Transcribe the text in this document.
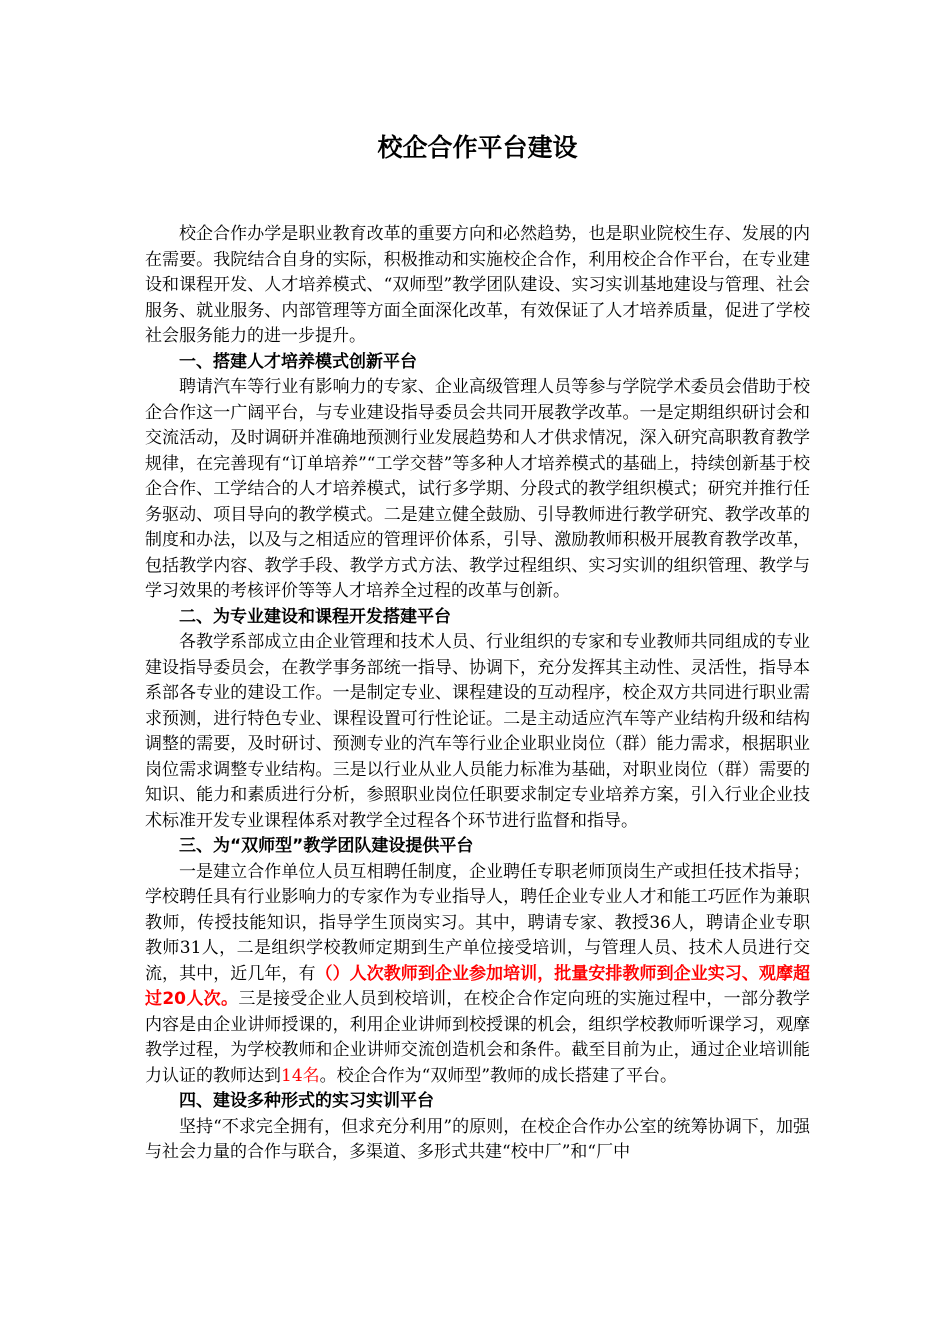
校企合作平台建设

校企合作办学是职业教育改革的重要方向和必然趋势，也是职业院校生存、发展的内在需要。我院结合自身的实际，积极推动和实施校企合作，利用校企合作平台，在专业建设和课程开发、人才培养模式、“双师型”教学团队建设、实习实训基地建设与管理、社会服务、就业服务、内部管理等方面全面深化改革，有效保证了人才培养质量，促进了学校社会服务能力的进一步提升。

一、搭建人才培养模式创新平台

聘请汽车等行业有影响力的专家、企业高级管理人员等参与学院学术委员会借助于校企合作这一广阔平台，与专业建设指导委员会共同开展教学改革。一是定期组织研讨会和交流活动，及时调研并准确地预测行业发展趋势和人才供求情况，深入研究高职教育教学规律，在完善现有“订单培养”“工学交替”等多种人才培养模式的基础上，持续创新基于校企合作、工学结合的人才培养模式，试行多学期、分段式的教学组织模式；研究并推行任务驱动、项目导向的教学模式。二是建立健全鼓励、引导教师进行教学研究、教学改革的制度和办法，以及与之相适应的管理评价体系，引导、激励教师积极开展教育教学改革，包括教学内容、教学手段、教学方式方法、教学过程组织、实习实训的组织管理、教学与学习效果的考核评价等等人才培养全过程的改革与创新。

二、为专业建设和课程开发搭建平台

各教学系部成立由企业管理和技术人员、行业组织的专家和专业教师共同组成的专业建设指导委员会，在教学事务部统一指导、协调下，充分发挥其主动性、灵活性，指导本系部各专业的建设工作。一是制定专业、课程建设的互动程序，校企双方共同进行职业需求预测，进行特色专业、课程设置可行性论证。二是主动适应汽车等产业结构升级和结构调整的需要，及时研讨、预测专业的汽车等行业企业职业岗位（群）能力需求，根据职业岗位需求调整专业结构。三是以行业从业人员能力标准为基础，对职业岗位（群）需要的知识、能力和素质进行分析，参照职业岗位任职要求制定专业培养方案，引入行业企业技术标准开发专业课程体系对教学全过程各个环节进行监督和指导。

三、为“双师型”教学团队建设提供平台

一是建立合作单位人员互相聘任制度，企业聘任专职老师顶岗生产或担任技术指导；学校聘任具有行业影响力的专家作为专业指导人，聘任企业专业人才和能工巧匠作为兼职教师，传授技能知识，指导学生顶岗实习。其中，聘请专家、教授36人，聘请企业专职教师31人，二是组织学校教师定期到生产单位接受培训，与管理人员、技术人员进行交流，其中，近几年，有（）人次教师到企业参加培训，批量安排教师到企业实习、观摩超过20人次。三是接受企业人员到校培训，在校企合作定向班的实施过程中，一部分教学内容是由企业讲师授课的，利用企业讲师到校授课的机会，组织学校教师听课学习，观摩教学过程，为学校教师和企业讲师交流创造机会和条件。截至目前为止，通过企业培训能力认证的教师达到14名。校企合作为“双师型”教师的成长搭建了平台。

四、建设多种形式的实习实训平台

坚持“不求完全拥有，但求充分利用”的原则，在校企合作办公室的统筹协调下，加强与社会力量的合作与联合，多渠道、多形式共建“校中厂”和“厂中
